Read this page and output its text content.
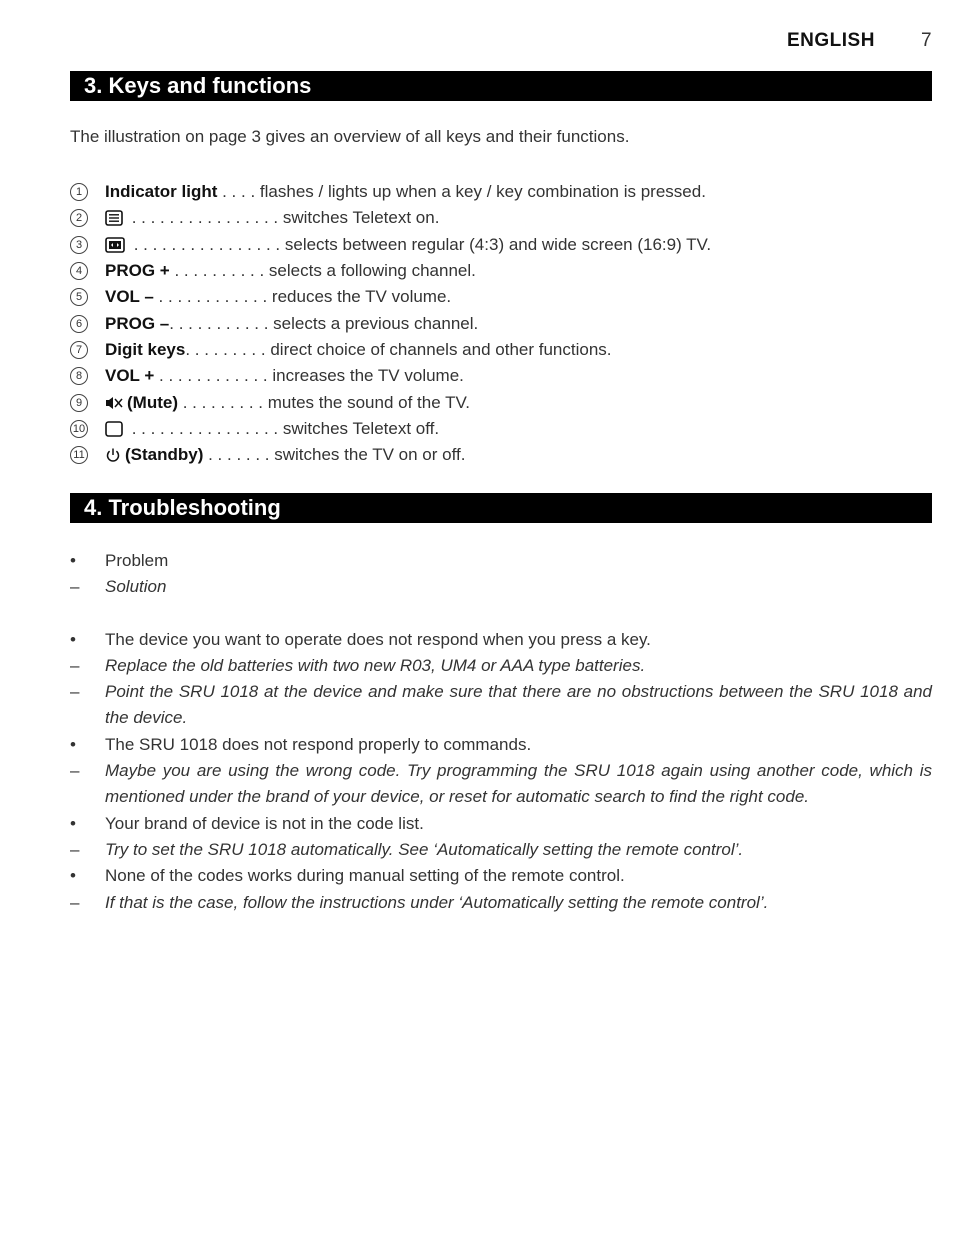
ENGLISH 7
3. Keys and functions
The illustration on page 3 gives an overview of all keys and their functions.
1	Indicator light . . . . flashes / lights up when a key / key combination is pressed.
2	. . . . . . . . . . . . . . . . switches Teletext on.
3	. . . . . . . . . . . . . . . . selects between regular (4:3) and wide screen (16:9) TV.
4	PROG + . . . . . . . . . . selects a following channel.
5	VOL – . . . . . . . . . . . . reduces the TV volume.
6	PROG – . . . . . . . . . . . selects a previous channel.
7	Digit keys . . . . . . . . . direct choice of channels and other functions.
8	VOL + . . . . . . . . . . . . increases the TV volume.
9	(Mute) . . . . . . . . . mutes the sound of the TV.
10 . . . . . . . . . . . . . . . . switches Teletext off.
11 (Standby) . . . . . . . switches the TV on or off.
4. Troubleshooting
•	Problem
–	Solution
•	The device you want to operate does not respond when you press a key.
–	Replace the old batteries with two new R03, UM4 or AAA type batteries.
–	Point the SRU 1018 at the device and make sure that there are no obstructions between the SRU 1018 and the device.
•	The SRU 1018 does not respond properly to commands.
–	Maybe you are using the wrong code. Try programming the SRU 1018 again using another code, which is mentioned under the brand of your device, or reset for automatic search to find the right code.
•	Your brand of device is not in the code list.
–	Try to set the SRU 1018 automatically. See ‘Automatically setting the remote control’.
•	None of the codes works during manual setting of the remote control.
–	If that is the case, follow the instructions under ‘Automatically setting the remote control’.
